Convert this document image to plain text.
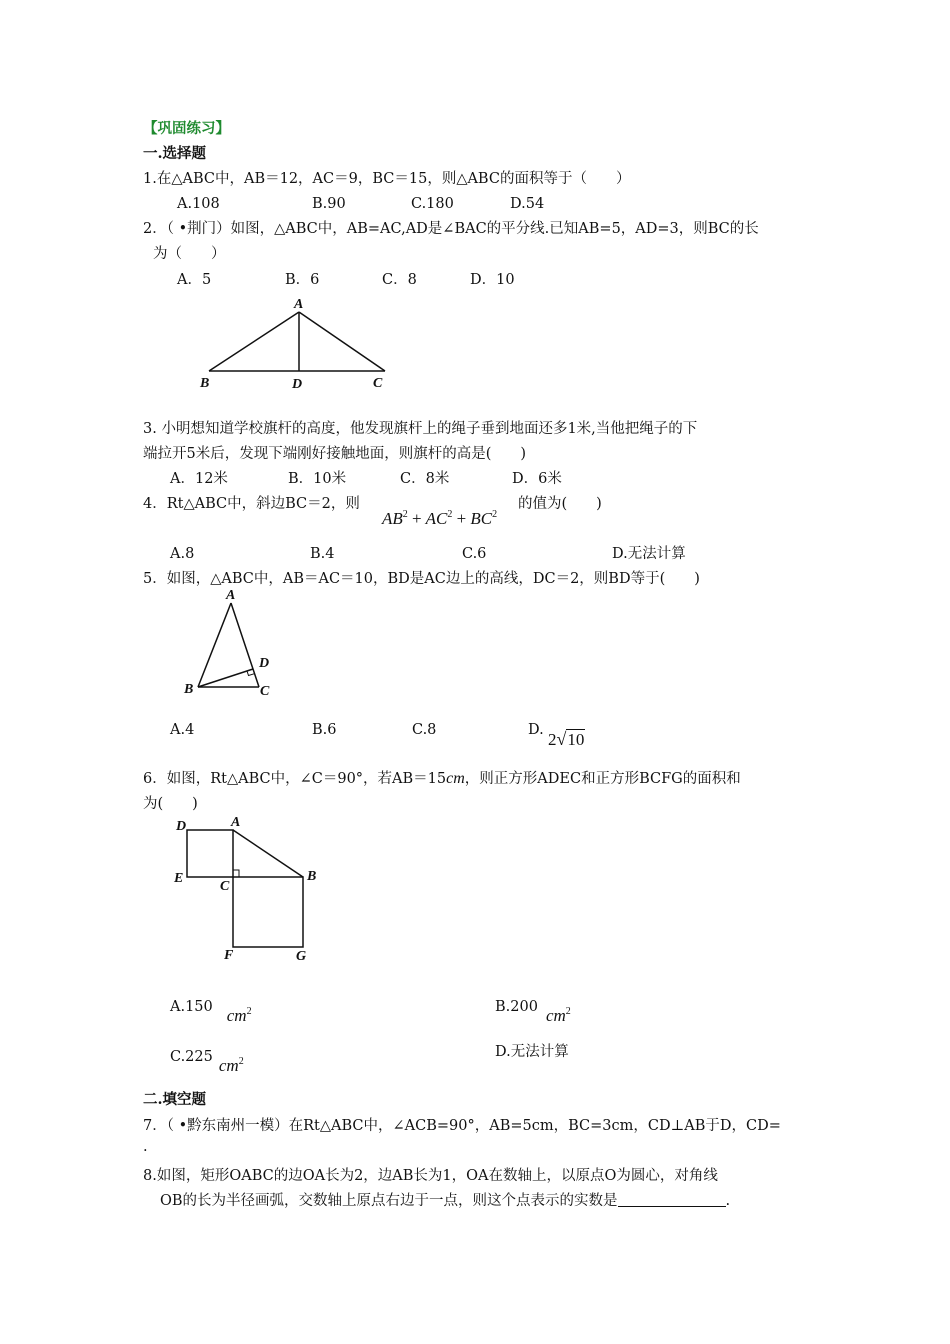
【巩固练习】
一.选择题
1.在△ABC中，AB＝12，AC＝9，BC＝15，则△ABC的面积等于（　　）
A.108	B.90	C.180	D.54
2．（ •荆门）如图，△ABC中，AB=AC,AD是∠BAC的平分线.已知AB=5，AD=3，则BC的长
为（　　）
A．5	B．6	C．8	D．10
A
B	D	C
3. 小明想知道学校旗杆的高度，他发现旗杆上的绳子垂到地面还多1米,当他把绳子的下
端拉开5米后，发现下端刚好接触地面，则旗杆的高是(　　)
A．12米	B．10米	C．8米	D．6米
4．Rt△ABC中，斜边BC＝2，则
$AB^2 + AC^2 + BC^2$
的值为(　　)
A.8	B.4	C.6	D.无法计算
5．如图，△ABC中，AB＝AC＝10，BD是AC边上的高线，DC＝2，则BD等于(　　)
A
B
D
C
A.4	B.6	C.8	D. 2√10
6．如图，Rt△ABC中，∠C＝90°，若AB＝15cm，则正方形ADEC和正方形BCFG的面积和
为(　　)
D	A
E
C
B
F	G
A.150 $cm^2$	B.200 $cm^2$
C.225 $cm^2$
D.无法计算
二.填空题
7．（ •黔东南州一模）在Rt△ABC中，∠ACB=90°，AB=5cm，BC=3cm，CD⊥AB于D，CD=
.
8.如图，矩形OABC的边OA长为2，边AB长为1，OA在数轴上，以原点O为圆心，对角线
OB的长为半径画弧，交数轴上原点右边于一点，则这个点表示的实数是	.
